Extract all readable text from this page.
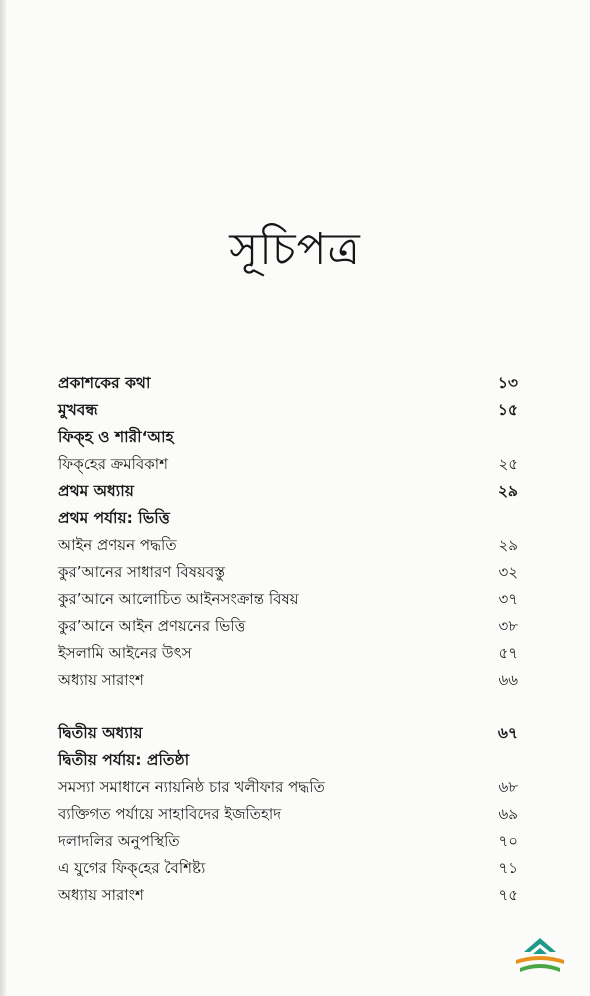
সূচিপত্র
প্রকাশকের কথা	১৩
মুখবন্ধ	১৫
ফিক্‌হ ও শারী‘আহ
ফিক্‌হের ক্রমবিকাশ	২৫
প্রথম অধ্যায়	২৯
প্রথম পর্যায়: ভিত্তি
আইন প্রণয়ন পদ্ধতি	২৯
কুর’আনের সাধারণ বিষয়বস্তু	৩২
কুর’আনে আলোচিত আইনসংক্রান্ত বিষয়	৩৭
কুর’আনে আইন প্রণয়নের ভিত্তি	৩৮
ইসলামি আইনের উৎস	৫৭
অধ্যায় সারাংশ	৬৬
দ্বিতীয় অধ্যায়	৬৭
দ্বিতীয় পর্যায়: প্রতিষ্ঠা
সমস্যা সমাধানে ন্যায়নিষ্ঠ চার খলীফার পদ্ধতি	৬৮
ব্যক্তিগত পর্যায়ে সাহাবিদের ইজতিহাদ	৬৯
দলাদলির অনুপস্থিতি	৭০
এ যুগের ফিক্‌হের বৈশিষ্ট্য	৭১
অধ্যায় সারাংশ	৭৫
